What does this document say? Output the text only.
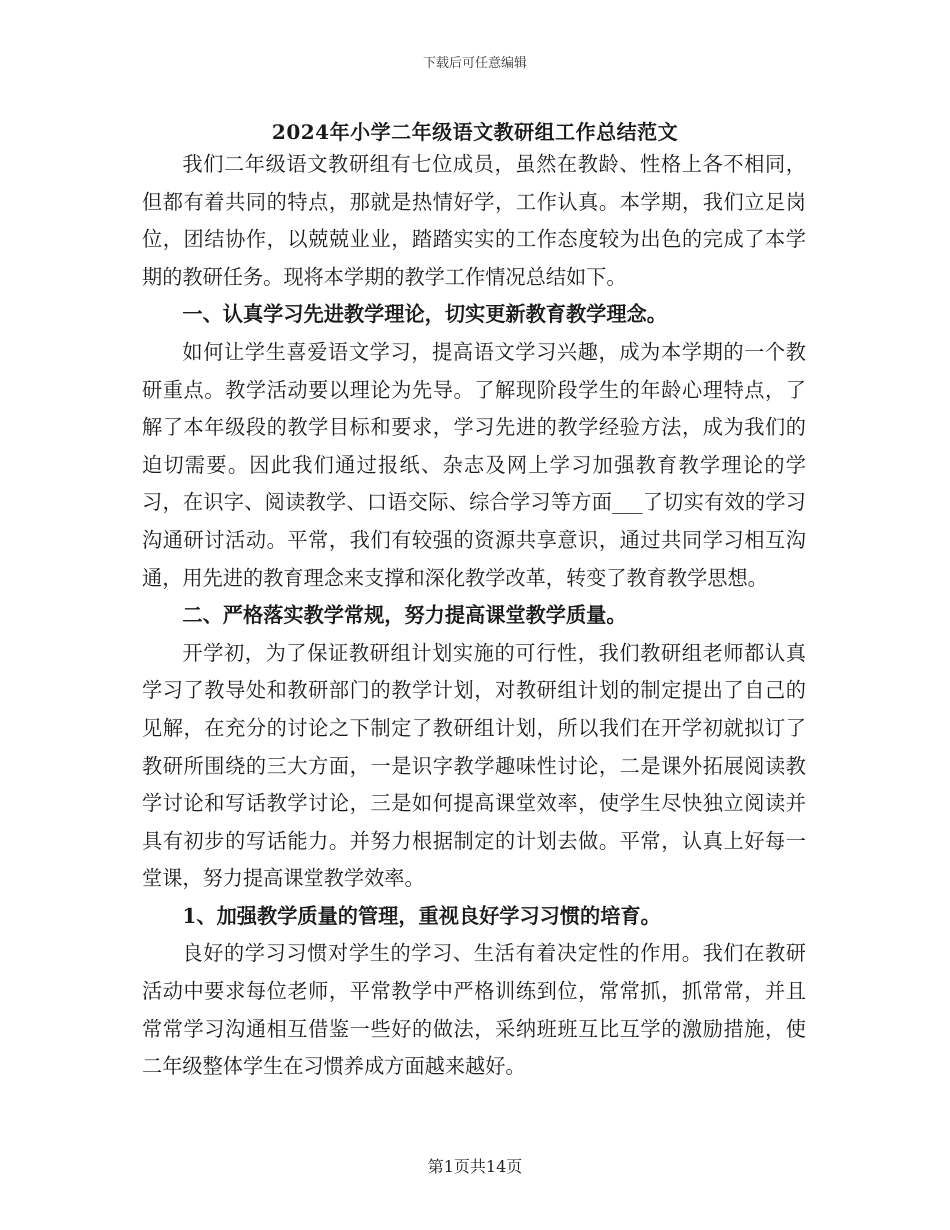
下载后可任意编辑
2024年小学二年级语文教研组工作总结范文

我们二年级语文教研组有七位成员，虽然在教龄、性格上各不相同，但都有着共同的特点，那就是热情好学，工作认真。本学期，我们立足岗位，团结协作，以兢兢业业，踏踏实实的工作态度较为出色的完成了本学期的教研任务。现将本学期的教学工作情况总结如下。

一、认真学习先进教学理论，切实更新教育教学理念。

如何让学生喜爱语文学习，提高语文学习兴趣，成为本学期的一个教研重点。教学活动要以理论为先导。了解现阶段学生的年龄心理特点，了解了本年级段的教学目标和要求，学习先进的教学经验方法，成为我们的迫切需要。因此我们通过报纸、杂志及网上学习加强教育教学理论的学习，在识字、阅读教学、口语交际、综合学习等方面___了切实有效的学习沟通研讨活动。平常，我们有较强的资源共享意识，通过共同学习相互沟通，用先进的教育理念来支撑和深化教学改革，转变了教育教学思想。

二、严格落实教学常规，努力提高课堂教学质量。

开学初，为了保证教研组计划实施的可行性，我们教研组老师都认真学习了教导处和教研部门的教学计划，对教研组计划的制定提出了自己的见解，在充分的讨论之下制定了教研组计划，所以我们在开学初就拟订了教研所围绕的三大方面，一是识字教学趣味性讨论，二是课外拓展阅读教学讨论和写话教学讨论，三是如何提高课堂效率，使学生尽快独立阅读并具有初步的写话能力。并努力根据制定的计划去做。平常，认真上好每一堂课，努力提高课堂教学效率。

1、加强教学质量的管理，重视良好学习习惯的培育。

良好的学习习惯对学生的学习、生活有着决定性的作用。我们在教研活动中要求每位老师，平常教学中严格训练到位，常常抓，抓常常，并且常常学习沟通相互借鉴一些好的做法，采纳班班互比互学的激励措施，使二年级整体学生在习惯养成方面越来越好。

第1页共14页
